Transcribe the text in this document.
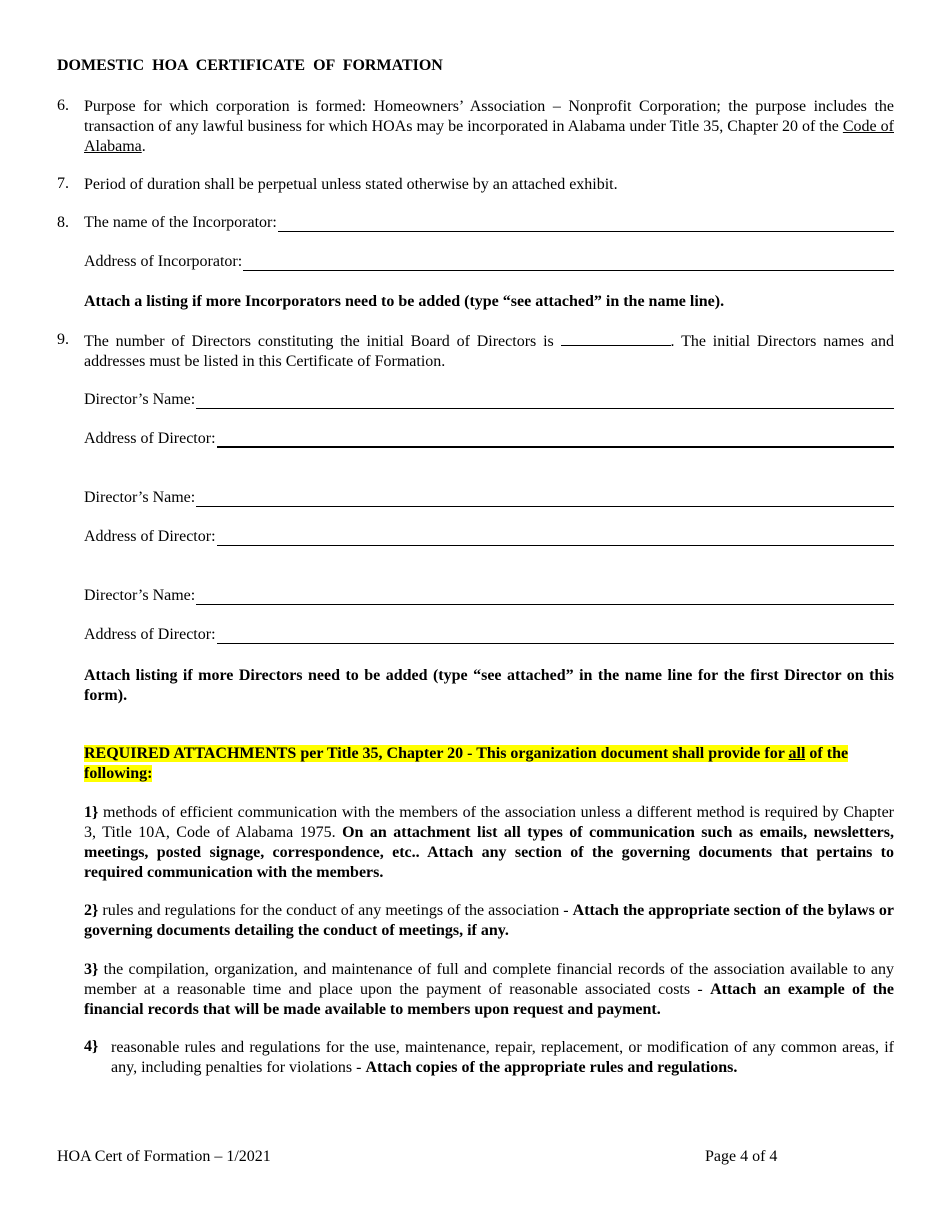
DOMESTIC HOA CERTIFICATE OF FORMATION
6. Purpose for which corporation is formed: Homeowners’ Association – Nonprofit Corporation; the purpose includes the transaction of any lawful business for which HOAs may be incorporated in Alabama under Title 35, Chapter 20 of the Code of Alabama.
7. Period of duration shall be perpetual unless stated otherwise by an attached exhibit.
8. The name of the Incorporator:
Address of Incorporator:
Attach a listing if more Incorporators need to be added (type “see attached” in the name line).
9. The number of Directors constituting the initial Board of Directors is	. The initial Directors names and addresses must be listed in this Certificate of Formation.
Director’s Name:
Address of Director:
Director’s Name:
Address of Director:
Director’s Name:
Address of Director:
Attach listing if more Directors need to be added (type “see attached” in the name line for the first Director on this form).
REQUIRED ATTACHMENTS per Title 35, Chapter 20 - This organization document shall provide for all of the following:
1} methods of efficient communication with the members of the association unless a different method is required by Chapter 3, Title 10A, Code of Alabama 1975. On an attachment list all types of communication such as emails, newsletters, meetings, posted signage, correspondence, etc.. Attach any section of the governing documents that pertains to required communication with the members.
2} rules and regulations for the conduct of any meetings of the association - Attach the appropriate section of the bylaws or governing documents detailing the conduct of meetings, if any.
3} the compilation, organization, and maintenance of full and complete financial records of the association available to any member at a reasonable time and place upon the payment of reasonable associated costs - Attach an example of the financial records that will be made available to members upon request and payment.
4} reasonable rules and regulations for the use, maintenance, repair, replacement, or modification of any common areas, if any, including penalties for violations - Attach copies of the appropriate rules and regulations.
HOA Cert of Formation – 1/2021	Page 4 of 4
